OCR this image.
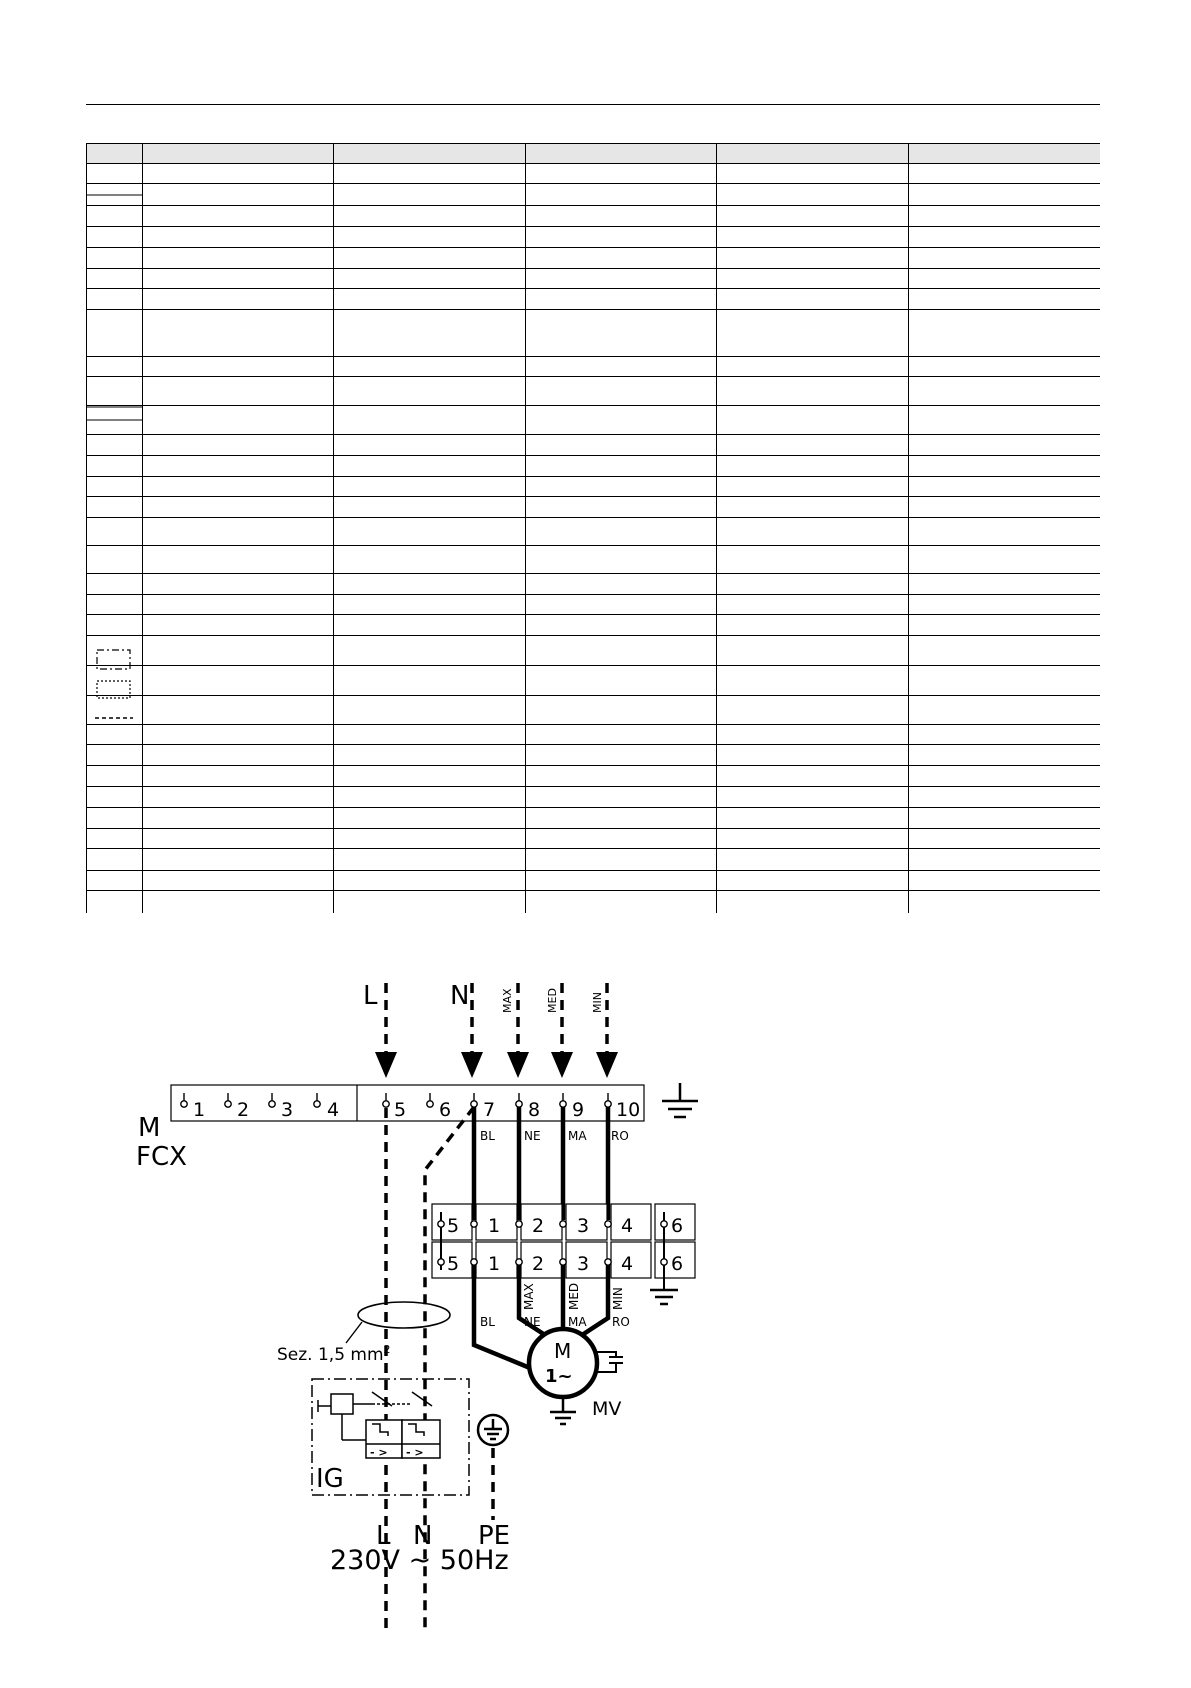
L	N	MAX	MED	MIN
1 2 3 4	5 6 7 8 9 10
M
FCX
BL NE MA RO
5 1 2 3 4 6
5 1 2 3 4 6
MAX	MED	MIN
BL NE MA RO
M
1~
MV
Sez. 1,5 $mm^2$
- > - >
IG
L N PE
230V ~ 50Hz
